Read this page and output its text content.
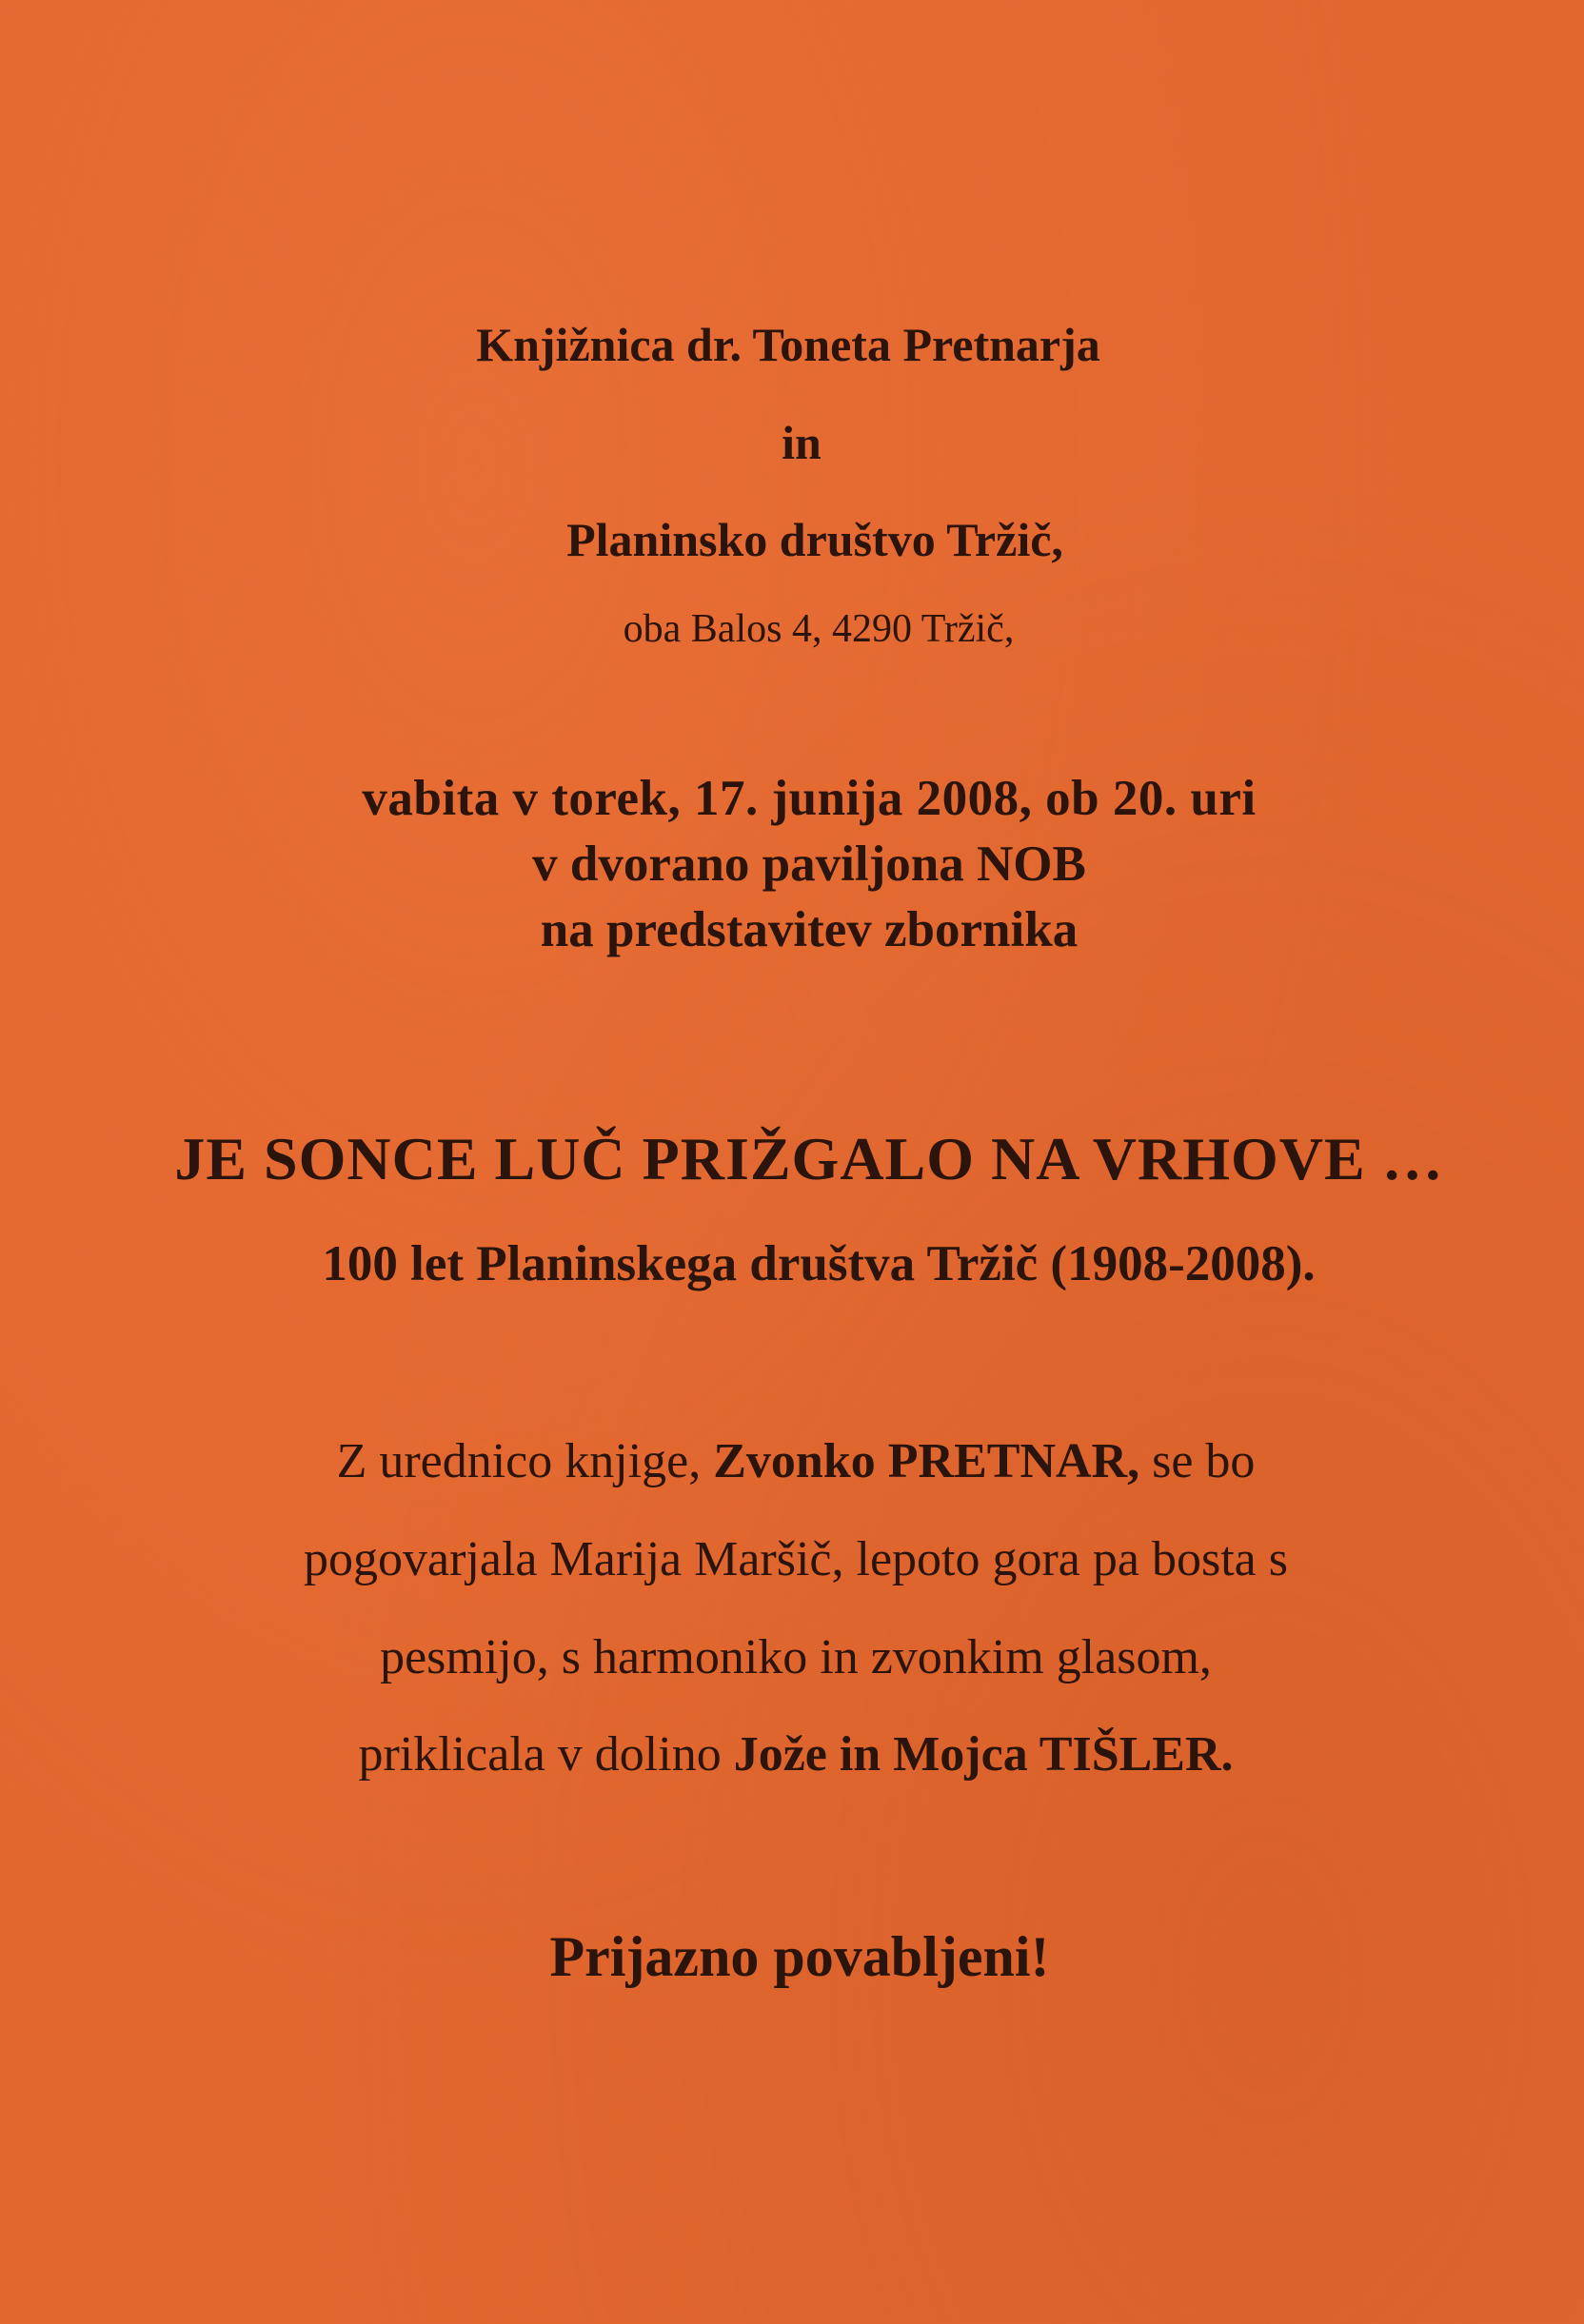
Knjižnica dr. Toneta Pretnarja
in
Planinsko društvo Tržič,
oba Balos 4, 4290 Tržič,
vabita v torek, 17. junija 2008, ob 20. uri
v dvorano paviljona NOB
na predstavitev zbornika
JE SONCE LUČ PRIŽGALO NA VRHOVE …
100 let Planinskega društva Tržič (1908-2008).
Z urednico knjige, Zvonko PRETNAR, se bo
pogovarjala Marija Maršič, lepoto gora pa bosta s
pesmijo, s harmoniko in zvonkim glasom,
priklicala v dolino Jože in Mojca TIŠLER.
Prijazno povabljeni!
